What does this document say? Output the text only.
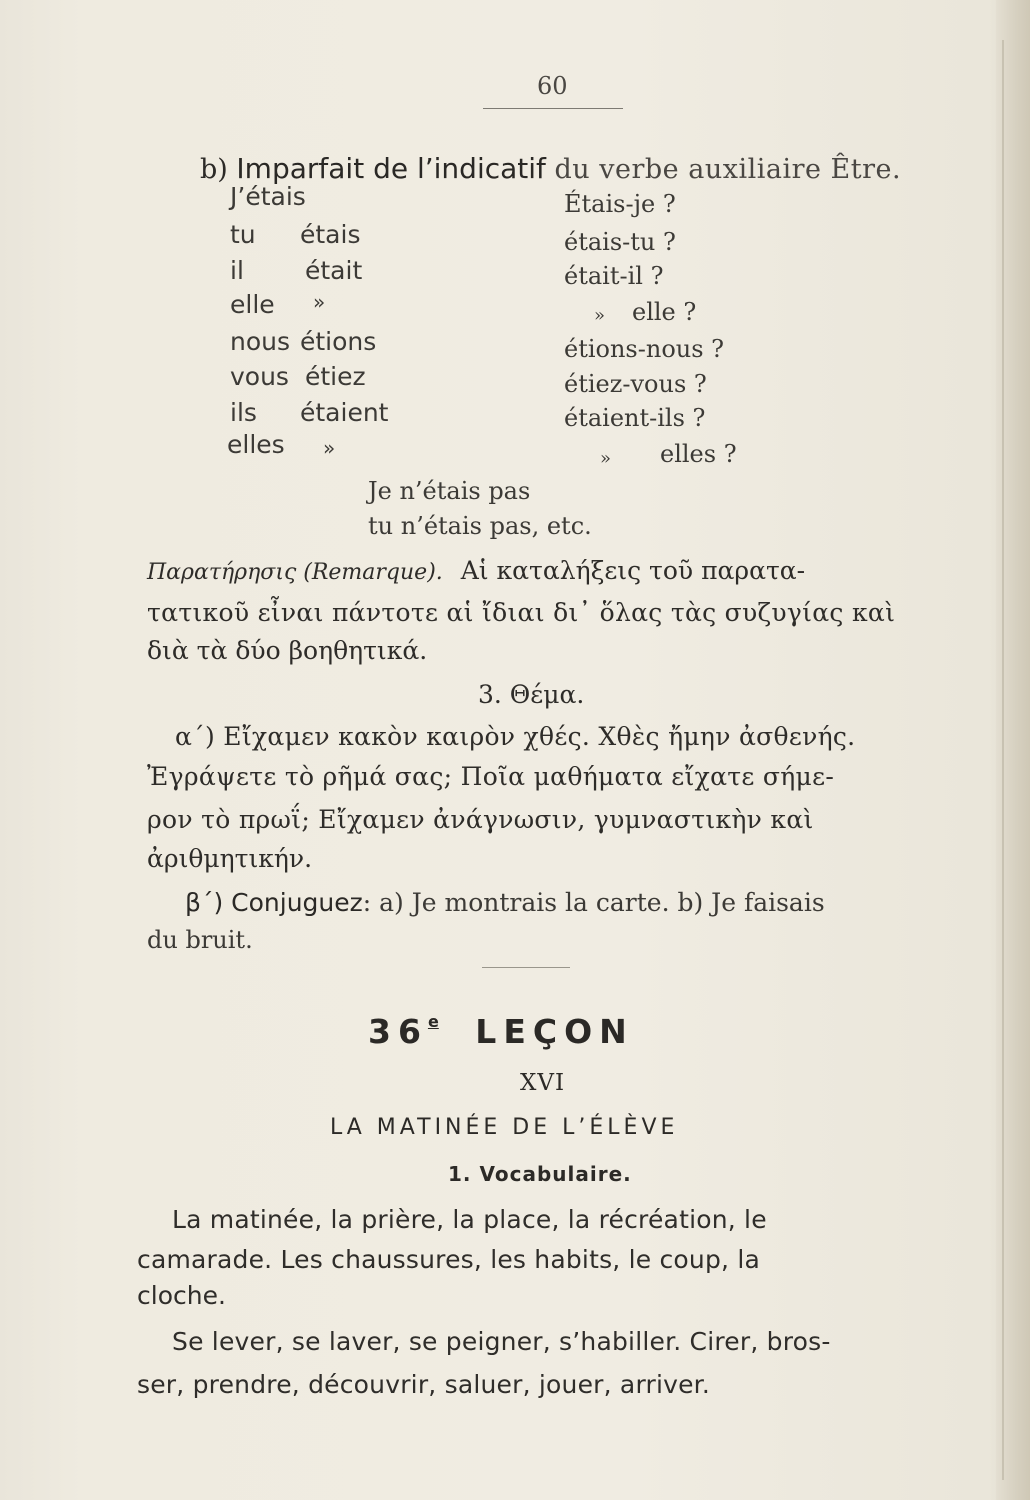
60
b) Imparfait de l’indicatif du verbe auxiliaire Être.
J’étais
tu étais
il était
elle »
nous étions
vous étiez
ils étaient
elles »
Étais-je ?
étais-tu ?
était-il ?
» elle ?
étions-nous ?
étiez-vous ?
étaient-ils ?
» elles ?
Je n’étais pas
tu n’étais pas, etc.
Παρατήρησις (Remarque). Αἱ καταλήξεις τοῦ παρατα-
τατικοῦ εἶναι πάντοτε αἱ ἴδιαι δι᾽ ὅλας τὰς συζυγίας καὶ
διὰ τὰ δύο βοηθητικά.
3. Θέμα.
α΄) Εἴχαμεν κακὸν καιρὸν χθές. Χθὲς ἤμην ἀσθενής.
Ἐγράψετε τὸ ρῆμά σας; Ποῖα μαθήματα εἴχατε σήμε-
ρον τὸ πρωΐ; Εἴχαμεν ἀνάγνωσιν, γυμναστικὴν καὶ
ἀριθμητικήν.
β΄) Conjuguez: a) Je montrais la carte. b) Je faisais
du bruit.
36e LEÇON
XVI
LA MATINÉE DE L’ÉLÈVE
1. Vocabulaire.
La matinée, la prière, la place, la récréation, le
camarade. Les chaussures, les habits, le coup, la
cloche.
Se lever, se laver, se peigner, s’habiller. Cirer, bros-
ser, prendre, découvrir, saluer, jouer, arriver.
